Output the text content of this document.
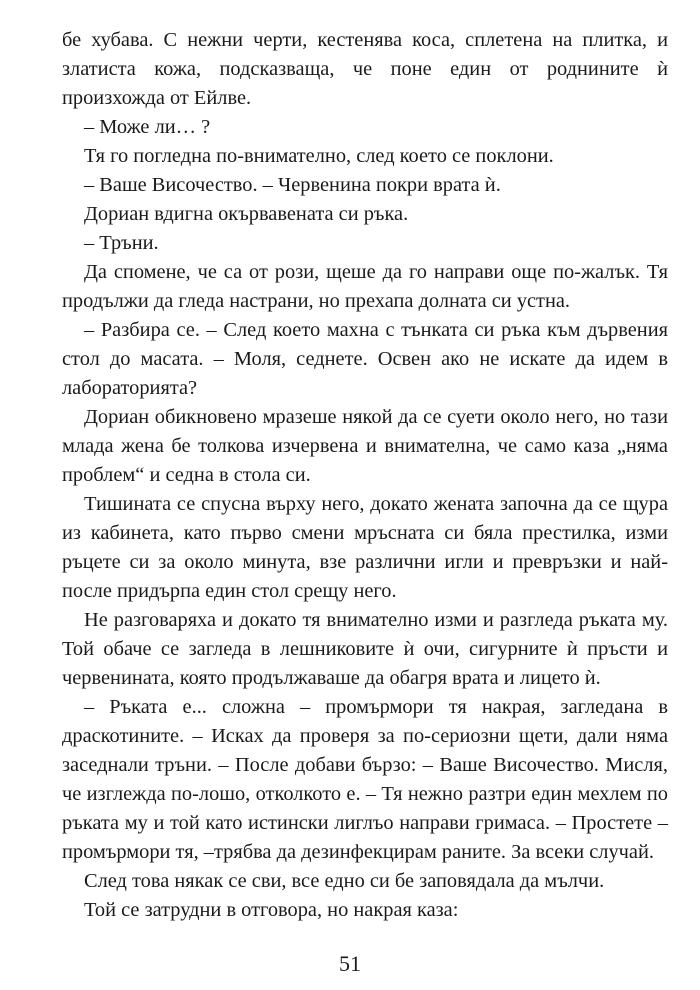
бе хубава. С нежни черти, кестенява коса, сплетена на плитка, и златиста кожа, подсказваща, че поне един от роднините ѝ произхожда от Ейлве.

– Може ли… ?

Тя го погледна по-внимателно, след което се поклони.

– Ваше Височество. – Червенина покри врата ѝ.

Дориан вдигна окървавената си ръка.

– Тръни.

Да спомене, че са от рози, щеше да го направи още по-жалък. Тя продължи да гледа настрани, но прехапа долната си устна.

– Разбира се. – След което махна с тънката си ръка към дървения стол до масата. – Моля, седнете. Освен ако не искате да идем в лабораторията?

Дориан обикновено мразеше някой да се суети около него, но тази млада жена бе толкова изчервена и внимателна, че само каза „няма проблем“ и седна в стола си.

Тишината се спусна върху него, докато жената започна да се щура из кабинета, като първо смени мръсната си бяла престилка, изми ръцете си за около минута, взе различни игли и превръзки и най-после придърпа един стол срещу него.

Не разговаряха и докато тя внимателно изми и разгледа ръката му. Той обаче се загледа в лешниковите ѝ очи, сигурните ѝ пръсти и червенината, която продължаваше да обагря врата и лицето ѝ.

– Ръката е... сложна – промърмори тя накрая, загледана в драскотините. – Исках да проверя за по-сериозни щети, дали няма заседнали тръни. – После добави бързо: – Ваше Височество. Мисля, че изглежда по-лошо, отколкото е. – Тя нежно разтри един мехлем по ръката му и той като истински лиглъо направи гримаса. – Простете – промърмори тя, –трябва да дезинфекцирам раните. За всеки случай.

След това някак се сви, все едно си бе заповядала да мълчи.

Той се затрудни в отговора, но накрая каза:

51
